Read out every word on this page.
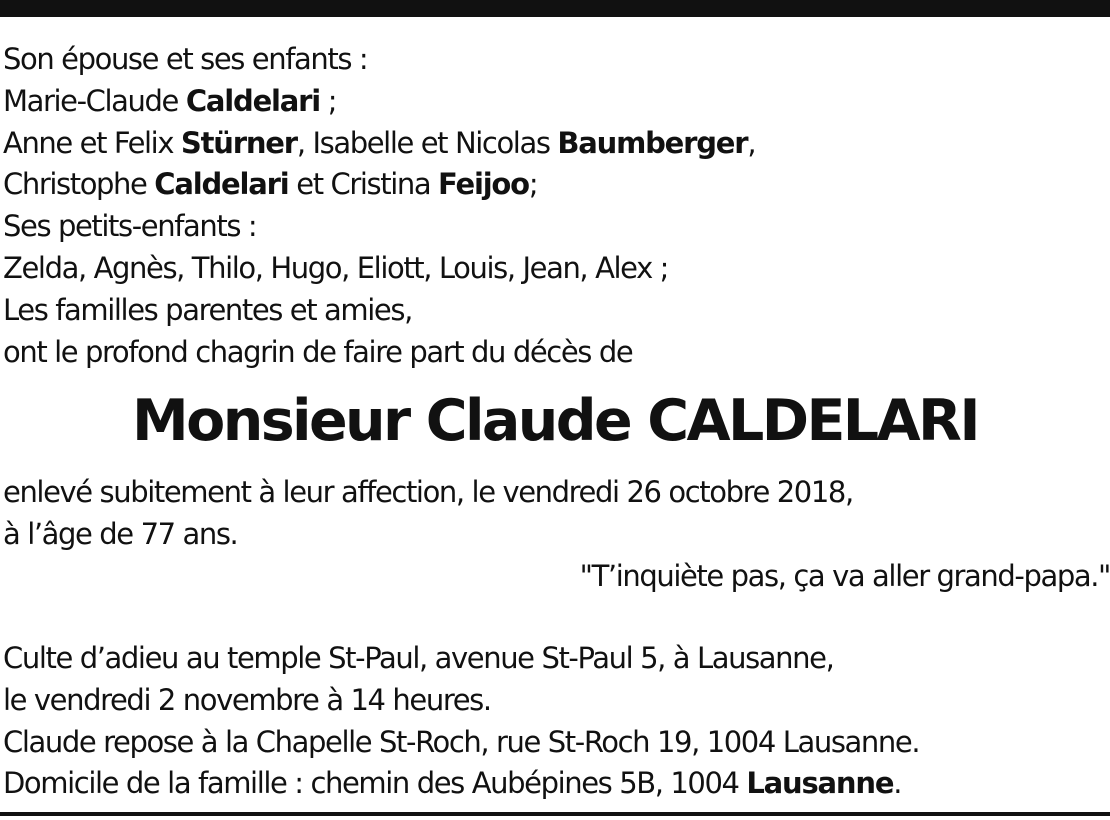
Son épouse et ses enfants :
Marie-Claude Caldelari ;
Anne et Felix Stürner, Isabelle et Nicolas Baumberger,
Christophe Caldelari et Cristina Feijoo;
Ses petits-enfants :
Zelda, Agnès, Thilo, Hugo, Eliott, Louis, Jean, Alex ;
Les familles parentes et amies,
ont le profond chagrin de faire part du décès de
Monsieur Claude CALDELARI
enlevé subitement à leur affection, le vendredi 26 octobre 2018,
à l’âge de 77 ans.
"T’inquiète pas, ça va aller grand-papa."
Culte d’adieu au temple St-Paul, avenue St-Paul 5, à Lausanne,
le vendredi 2 novembre à 14 heures.
Claude repose à la Chapelle St-Roch, rue St-Roch 19, 1004 Lausanne.
Domicile de la famille : chemin des Aubépines 5B, 1004 Lausanne.
